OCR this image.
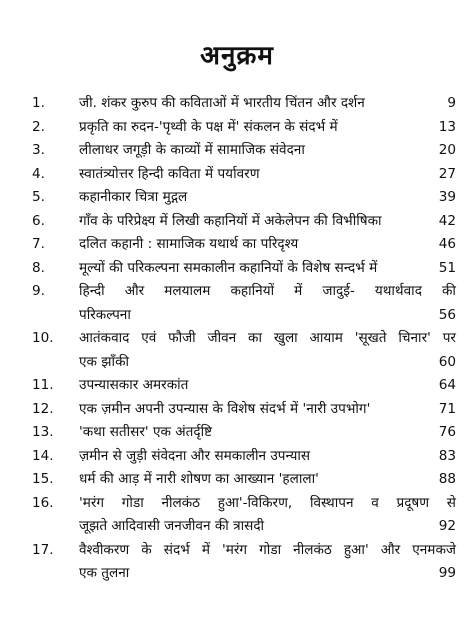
अनुक्रम
1.	जी. शंकर कुरुप की कविताओं में भारतीय चिंतन और दर्शन	9
2.	प्रकृति का रुदन-'पृथ्वी के पक्ष में' संकलन के संदर्भ में	13
3.	लीलाधर जगूड़ी के काव्यों में सामाजिक संवेदना	20
4.	स्वातंत्र्योत्तर हिन्दी कविता में पर्यावरण	27
5.	कहानीकार चित्रा मुद्गल	39
6.	गाँव के परिप्रेक्ष्य में लिखी कहानियों में अकेलेपन की विभीषिका	42
7.	दलित कहानी : सामाजिक यथार्थ का परिदृश्य	46
8.	मूल्यों की परिकल्पना समकालीन कहानियों के विशेष सन्दर्भ में	51
9.	हिन्दी और मलयालम कहानियों में जादुई- यथार्थवाद की
परिकल्पना	56
10.	आतंकवाद एवं फौजी जीवन का खुला आयाम 'सूखते चिनार' पर
एक झाँकी	60
11.	उपन्यासकार अमरकांत	64
12.	एक ज़मीन अपनी उपन्यास के विशेष संदर्भ में 'नारी उपभोग'	71
13.	'कथा सतीसर' एक अंतर्दृष्टि	76
14.	ज़मीन से जुड़ी संवेदना और समकालीन उपन्यास	83
15.	धर्म की आड़ में नारी शोषण का आख्यान 'हलाला'	88
16.	'मरंग गोडा नीलकंठ हुआ'-विकिरण, विस्थापन व प्रदूषण से
जूझते आदिवासी जनजीवन की त्रासदी	92
17.	वैश्वीकरण के संदर्भ में 'मरंग गोडा नीलकंठ हुआ' और एनमकजे
एक तुलना	99
